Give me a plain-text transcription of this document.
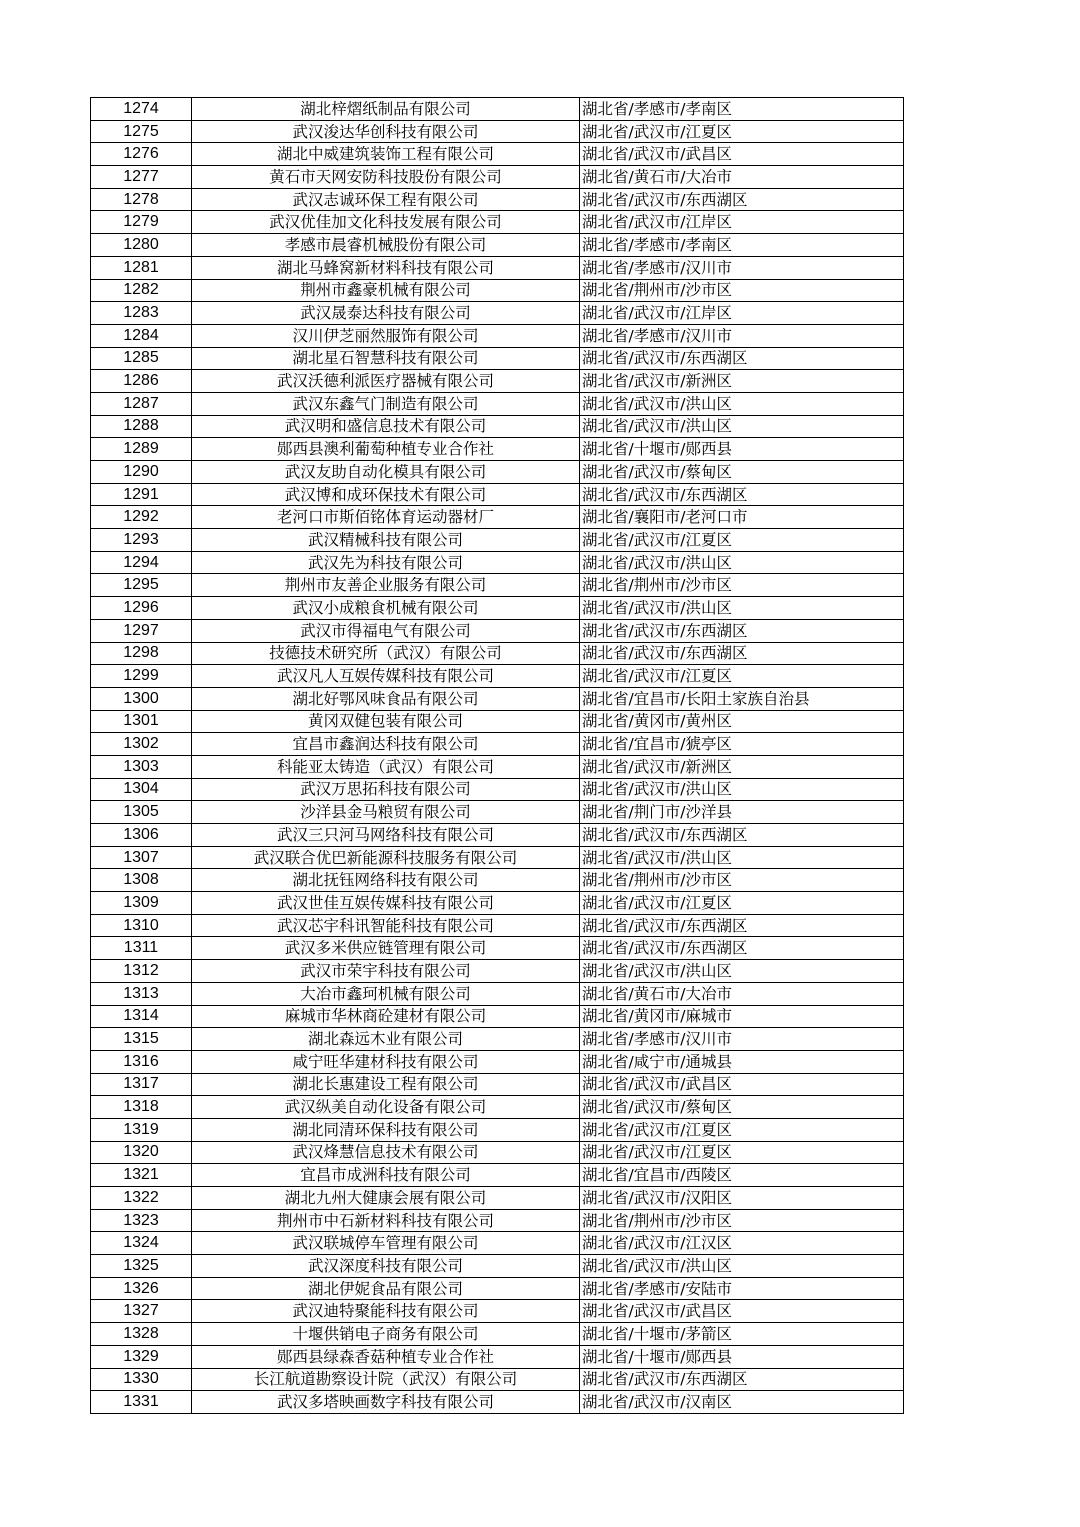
1274	湖北梓熠纸制品有限公司	湖北省/孝感市/孝南区
1275	武汉浚达华创科技有限公司	湖北省/武汉市/江夏区
1276	湖北中威建筑装饰工程有限公司	湖北省/武汉市/武昌区
1277	黄石市天网安防科技股份有限公司	湖北省/黄石市/大冶市
1278	武汉志诚环保工程有限公司	湖北省/武汉市/东西湖区
1279	武汉优佳加文化科技发展有限公司	湖北省/武汉市/江岸区
1280	孝感市晨睿机械股份有限公司	湖北省/孝感市/孝南区
1281	湖北马蜂窝新材料科技有限公司	湖北省/孝感市/汉川市
1282	荆州市鑫豪机械有限公司	湖北省/荆州市/沙市区
1283	武汉晟泰达科技有限公司	湖北省/武汉市/江岸区
1284	汉川伊芝丽然服饰有限公司	湖北省/孝感市/汉川市
1285	湖北星石智慧科技有限公司	湖北省/武汉市/东西湖区
1286	武汉沃德利派医疗器械有限公司	湖北省/武汉市/新洲区
1287	武汉东鑫气门制造有限公司	湖北省/武汉市/洪山区
1288	武汉明和盛信息技术有限公司	湖北省/武汉市/洪山区
1289	郧西县澳利葡萄种植专业合作社	湖北省/十堰市/郧西县
1290	武汉友助自动化模具有限公司	湖北省/武汉市/蔡甸区
1291	武汉博和成环保技术有限公司	湖北省/武汉市/东西湖区
1292	老河口市斯佰铭体育运动器材厂	湖北省/襄阳市/老河口市
1293	武汉精械科技有限公司	湖北省/武汉市/江夏区
1294	武汉先为科技有限公司	湖北省/武汉市/洪山区
1295	荆州市友善企业服务有限公司	湖北省/荆州市/沙市区
1296	武汉小成粮食机械有限公司	湖北省/武汉市/洪山区
1297	武汉市得福电气有限公司	湖北省/武汉市/东西湖区
1298	技德技术研究所（武汉）有限公司	湖北省/武汉市/东西湖区
1299	武汉凡人互娱传媒科技有限公司	湖北省/武汉市/江夏区
1300	湖北好鄂风味食品有限公司	湖北省/宜昌市/长阳土家族自治县
1301	黄冈双健包装有限公司	湖北省/黄冈市/黄州区
1302	宜昌市鑫润达科技有限公司	湖北省/宜昌市/猇亭区
1303	科能亚太铸造（武汉）有限公司	湖北省/武汉市/新洲区
1304	武汉万思拓科技有限公司	湖北省/武汉市/洪山区
1305	沙洋县金马粮贸有限公司	湖北省/荆门市/沙洋县
1306	武汉三只河马网络科技有限公司	湖北省/武汉市/东西湖区
1307	武汉联合优巴新能源科技服务有限公司	湖北省/武汉市/洪山区
1308	湖北抚钰网络科技有限公司	湖北省/荆州市/沙市区
1309	武汉世佳互娱传媒科技有限公司	湖北省/武汉市/江夏区
1310	武汉芯宇科讯智能科技有限公司	湖北省/武汉市/东西湖区
1311	武汉多米供应链管理有限公司	湖北省/武汉市/东西湖区
1312	武汉市荣宇科技有限公司	湖北省/武汉市/洪山区
1313	大冶市鑫珂机械有限公司	湖北省/黄石市/大冶市
1314	麻城市华林商砼建材有限公司	湖北省/黄冈市/麻城市
1315	湖北森远木业有限公司	湖北省/孝感市/汉川市
1316	咸宁旺华建材科技有限公司	湖北省/咸宁市/通城县
1317	湖北长惠建设工程有限公司	湖北省/武汉市/武昌区
1318	武汉纵美自动化设备有限公司	湖北省/武汉市/蔡甸区
1319	湖北同清环保科技有限公司	湖北省/武汉市/江夏区
1320	武汉烽慧信息技术有限公司	湖北省/武汉市/江夏区
1321	宜昌市成洲科技有限公司	湖北省/宜昌市/西陵区
1322	湖北九州大健康会展有限公司	湖北省/武汉市/汉阳区
1323	荆州市中石新材料科技有限公司	湖北省/荆州市/沙市区
1324	武汉联城停车管理有限公司	湖北省/武汉市/江汉区
1325	武汉深度科技有限公司	湖北省/武汉市/洪山区
1326	湖北伊妮食品有限公司	湖北省/孝感市/安陆市
1327	武汉迪特聚能科技有限公司	湖北省/武汉市/武昌区
1328	十堰供销电子商务有限公司	湖北省/十堰市/茅箭区
1329	郧西县绿森香菇种植专业合作社	湖北省/十堰市/郧西县
1330	长江航道勘察设计院（武汉）有限公司	湖北省/武汉市/东西湖区
1331	武汉多塔映画数字科技有限公司	湖北省/武汉市/汉南区
